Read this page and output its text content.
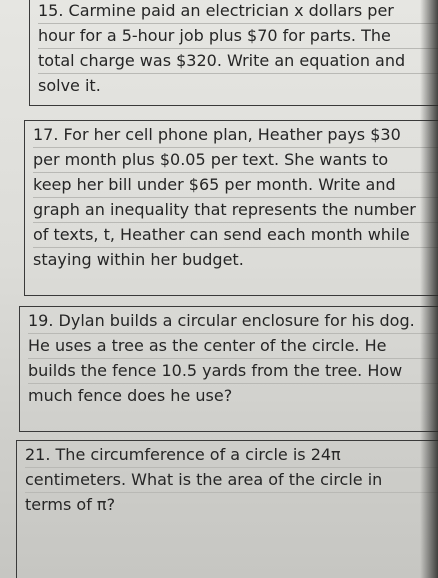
15. Carmine paid an electrician x dollars per
hour for a 5-hour job plus $70 for parts. The
total charge was $320. Write an equation and
solve it.
17. For her cell phone plan, Heather pays $30
per month plus $0.05 per text. She wants to
keep her bill under $65 per month. Write and
graph an inequality that represents the number
of texts, t, Heather can send each month while
staying within her budget.
19. Dylan builds a circular enclosure for his dog.
He uses a tree as the center of the circle. He
builds the fence 10.5 yards from the tree. How
much fence does he use?
21. The circumference of a circle is 24π
centimeters. What is the area of the circle in
terms of π?
